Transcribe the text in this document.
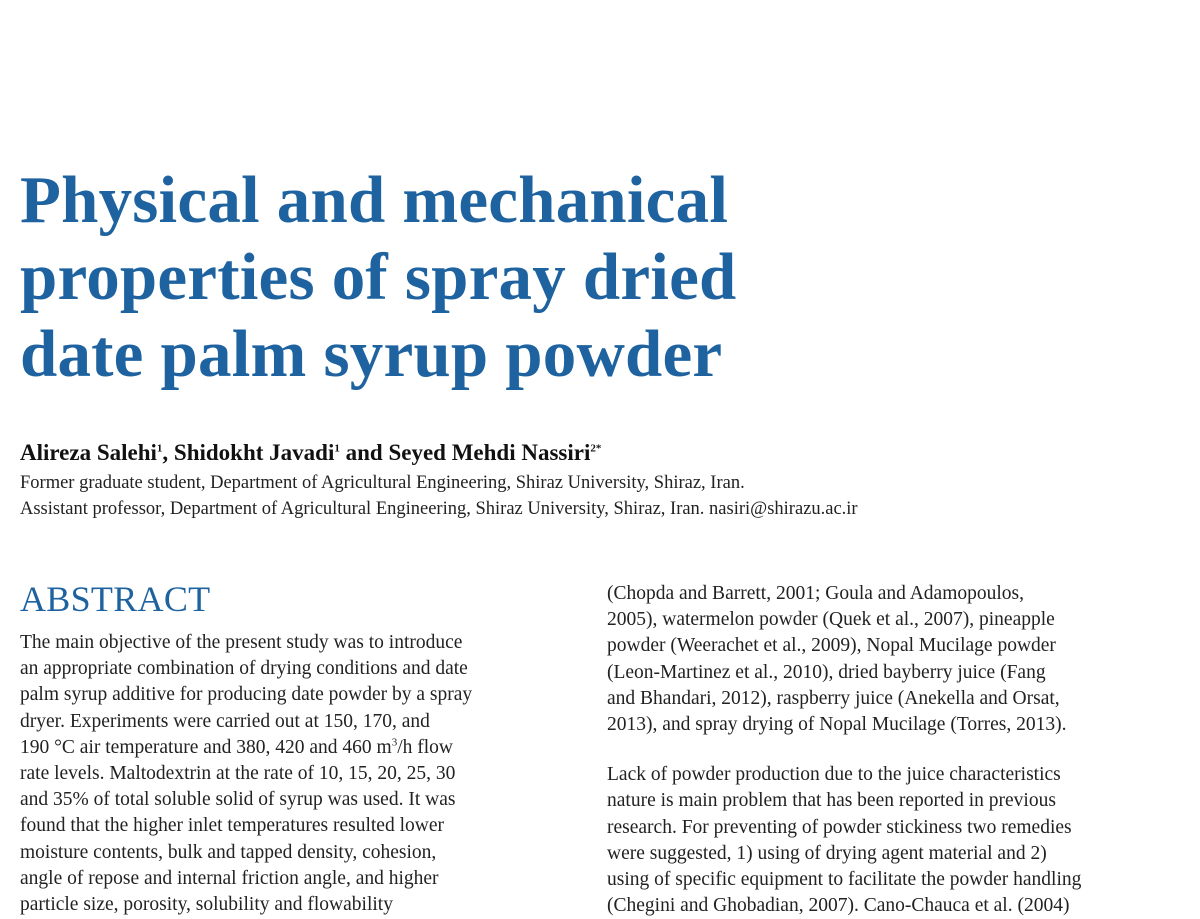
Physical and mechanical
properties of spray dried
date palm syrup powder
Alireza Salehi$^1$, Shidokht Javadi$^1$ and Seyed Mehdi Nassiri$^{2*}$
Former graduate student, Department of Agricultural Engineering, Shiraz University, Shiraz, Iran.
Assistant professor, Department of Agricultural Engineering, Shiraz University, Shiraz, Iran. nasiri@shirazu.ac.ir
ABSTRACT
The main objective of the present study was to introduce
an appropriate combination of drying conditions and date
palm syrup additive for producing date powder by a spray
dryer. Experiments were carried out at 150, 170, and
190 °C air temperature and 380, 420 and 460 $m^3/h$ flow
rate levels. Maltodextrin at the rate of 10, 15, 20, 25, 30
and 35% of total soluble solid of syrup was used. It was
found that the higher inlet temperatures resulted lower
moisture contents, bulk and tapped density, cohesion,
angle of repose and internal friction angle, and higher
particle size, porosity, solubility and flowability
(Chopda and Barrett, 2001; Goula and Adamopoulos,
2005), watermelon powder (Quek et al., 2007), pineapple
powder (Weerachet et al., 2009), Nopal Mucilage powder
(Leon-Martinez et al., 2010), dried bayberry juice (Fang
and Bhandari, 2012), raspberry juice (Anekella and Orsat,
2013), and spray drying of Nopal Mucilage (Torres, 2013).
Lack of powder production due to the juice characteristics
nature is main problem that has been reported in previous
research. For preventing of powder stickiness two remedies
were suggested, 1) using of drying agent material and 2)
using of specific equipment to facilitate the powder handling
(Chegini and Ghobadian, 2007). Cano-Chauca et al. (2004)
